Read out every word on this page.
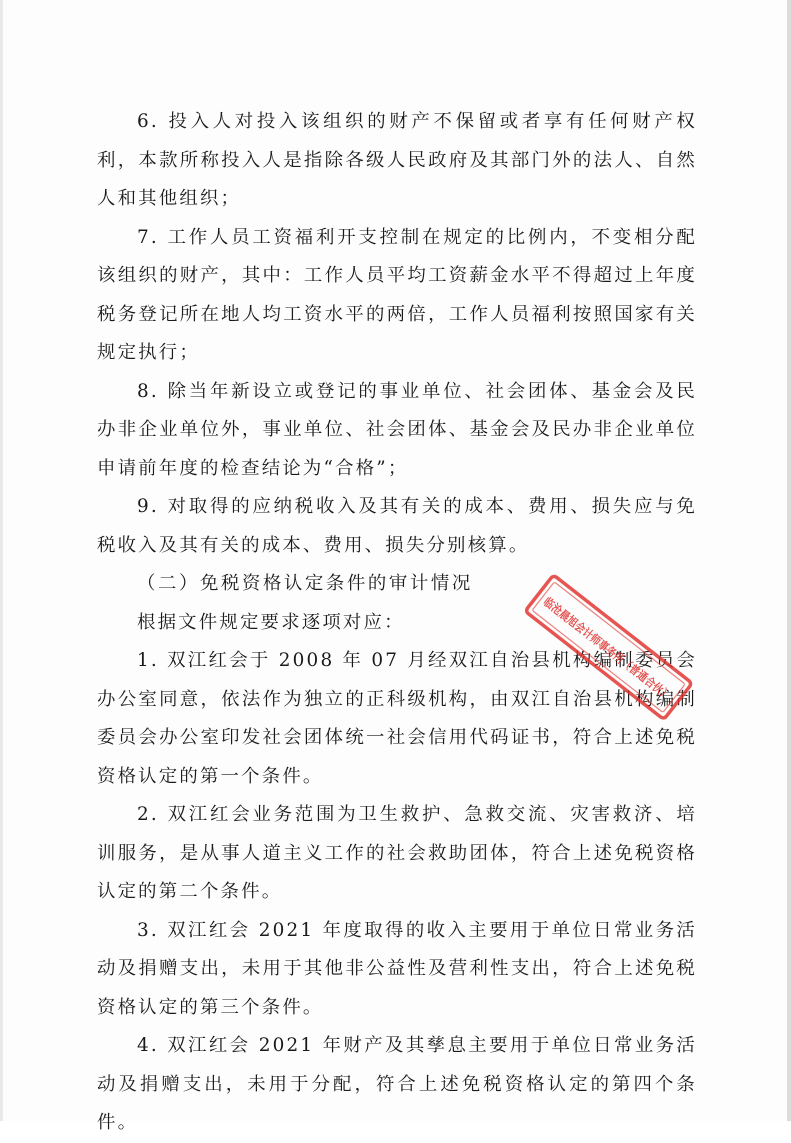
6. 投入人对投入该组织的财产不保留或者享有任何财产权利，本款所称投入人是指除各级人民政府及其部门外的法人、自然人和其他组织；

7. 工作人员工资福利开支控制在规定的比例内，不变相分配该组织的财产，其中：工作人员平均工资薪金水平不得超过上年度税务登记所在地人均工资水平的两倍，工作人员福利按照国家有关规定执行；

8. 除当年新设立或登记的事业单位、社会团体、基金会及民办非企业单位外，事业单位、社会团体、基金会及民办非企业单位申请前年度的检查结论为“合格”；

9. 对取得的应纳税收入及其有关的成本、费用、损失应与免税收入及其有关的成本、费用、损失分别核算。

（二）免税资格认定条件的审计情况

根据文件规定要求逐项对应：

1. 双江红会于 2008 年 07 月经双江自治县机构编制委员会办公室同意，依法作为独立的正科级机构，由双江自治县机构编制委员会办公室印发社会团体统一社会信用代码证书，符合上述免税资格认定的第一个条件。

2. 双江红会业务范围为卫生救护、急救交流、灾害救济、培训服务，是从事人道主义工作的社会救助团体，符合上述免税资格认定的第二个条件。

3. 双江红会 2021 年度取得的收入主要用于单位日常业务活动及捐赠支出，未用于其他非公益性及营利性支出，符合上述免税资格认定的第三个条件。

4. 双江红会 2021 年财产及其孳息主要用于单位日常业务活动及捐赠支出，未用于分配，符合上述免税资格认定的第四个条件。

临沧晨旭会计师事务所（普通合伙）
